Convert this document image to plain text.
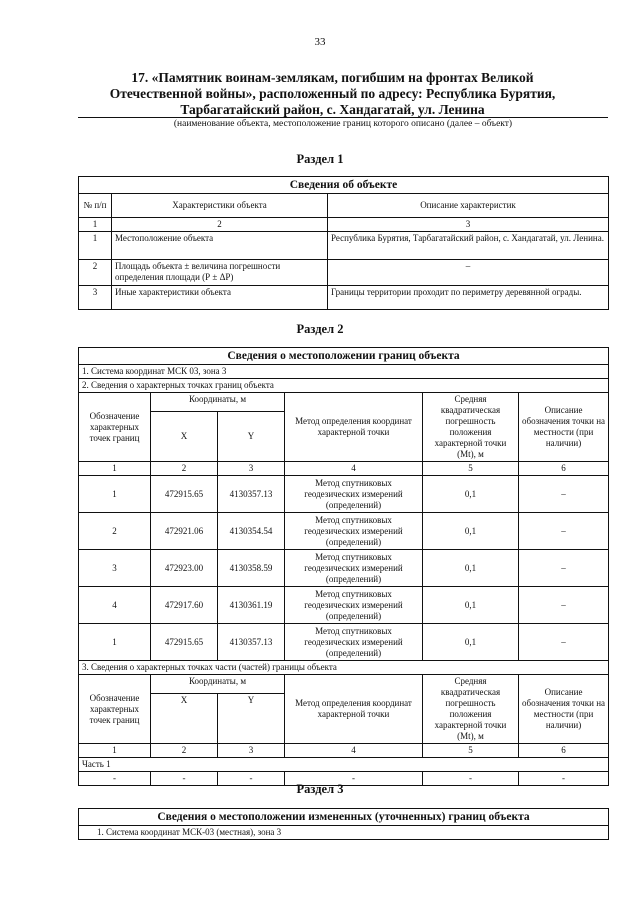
33
17. «Памятник воинам-землякам, погибшим на фронтах Великой Отечественной войны», расположенный по адресу: Республика Бурятия, Тарбагатайский район, с. Хандагатай, ул. Ленина
(наименование объекта, местоположение границ которого описано (далее – объект)
Раздел 1
Сведения об объекте		
№ п/п	Характеристики объекта	Описание характеристик
1	2	3
1	Местоположение объекта	Республика Бурятия, Тарбагатайский район, с. Хандагатай, ул. Ленина.
2	Площадь объекта ± величина погрешности определения площади (Р ± ΔР)	–
3	Иные характеристики объекта	Границы территории проходит по периметру деревянной ограды.
Раздел 2
Сведения о местоположении границ объекта					
1. Система координат МСК 03, зона 3					
2. Сведения о характерных точках границ объекта					
Обозначение характерных точек границ	Координаты, м		Метод определения координат характерной точки	Средняя квадратическая погрешность положения характерной точки (Mt), м	Описание обозначения точки на местности (при наличии)
	X	Y			
1	2	3	4	5	6
1	472915.65	4130357.13	Метод спутниковых геодезических измерений (определений)	0,1	–
2	472921.06	4130354.54	Метод спутниковых геодезических измерений (определений)	0,1	–
3	472923.00	4130358.59	Метод спутниковых геодезических измерений (определений)	0,1	–
4	472917.60	4130361.19	Метод спутниковых геодезических измерений (определений)	0,1	–
1	472915.65	4130357.13	Метод спутниковых геодезических измерений (определений)	0,1	–
3. Сведения о характерных точках части (частей) границы объекта					
Обозначение характерных точек границ	Координаты, м		Метод определения координат характерной точки	Средняя квадратическая погрешность положения характерной точки (Mt), м	Описание обозначения точки на местности (при наличии)
	X	Y			
1	2	3	4	5	6
Часть 1					
-	-	-	-	-	-
Раздел 3
Сведения о местоположении измененных (уточненных) границ объекта
1. Система координат МСК-03 (местная), зона 3
